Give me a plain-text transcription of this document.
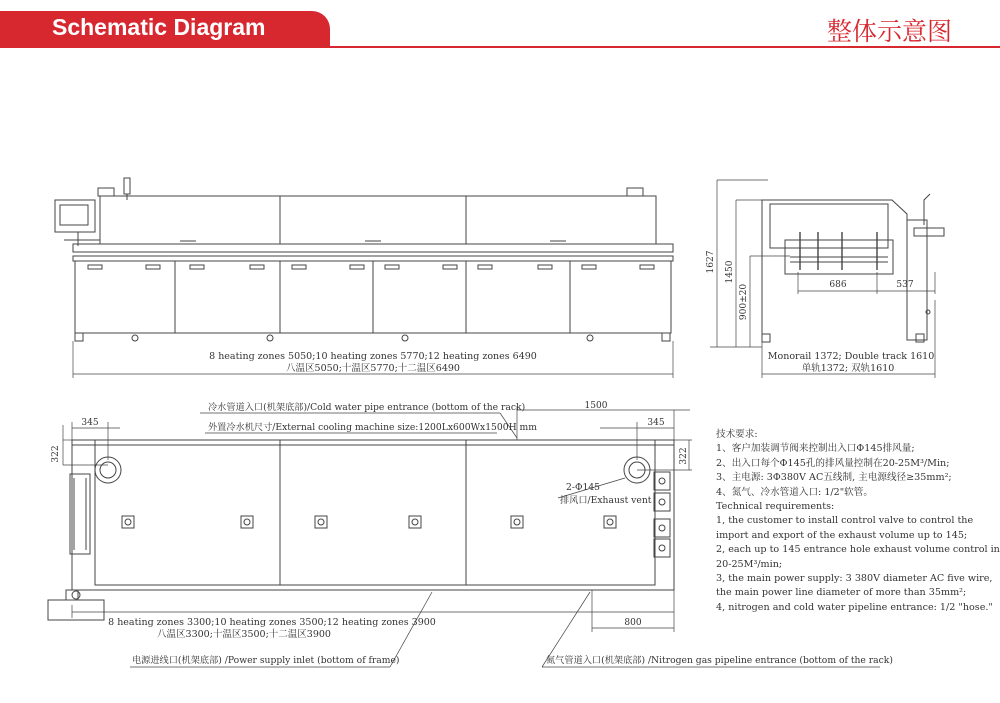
Schematic Diagram	整体示意图
8 heating zones 5050;10 heating zones 5770;12 heating zones 6490
八温区5050;十温区5770;十二温区6490
1627 1450
900±20	686	537
Monorail 1372; Double track 1610
单轨1372; 双轨1610
345	345
322	322
1500
800
冷水管道入口(机架底部)/Cold water pipe entrance (bottom of the rack)
外置冷水机尺寸/External cooling machine size:1200Lx600Wx1500H mm
2-Φ145
排风口/Exhaust vent
8 heating zones 3300;10 heating zones 3500;12 heating zones 3900
八温区3300;十温区3500;十二温区3900
电源进线口(机架底部) /Power supply inlet (bottom of frame)	氮气管道入口(机架底部) /Nitrogen gas pipeline entrance (bottom of the rack)
技术要求:
1、客户加装调节阀来控制出入口Φ145排风量;
2、出入口每个Φ145孔的排风量控制在20-25M³/Min;
3、主电源: 3Φ380V AC五线制, 主电源线径≥35mm²;
4、氮气、冷水管道入口: 1/2"软管。
Technical requirements:
1, the customer to install control valve to control the
import and export of the exhaust volume up to 145;
2, each up to 145 entrance hole exhaust volume control in
20-25M³/min;
3, the main power supply: 3 380V diameter AC five wire,
the main power line diameter of more than 35mm²;
4, nitrogen and cold water pipeline entrance: 1/2 "hose."
